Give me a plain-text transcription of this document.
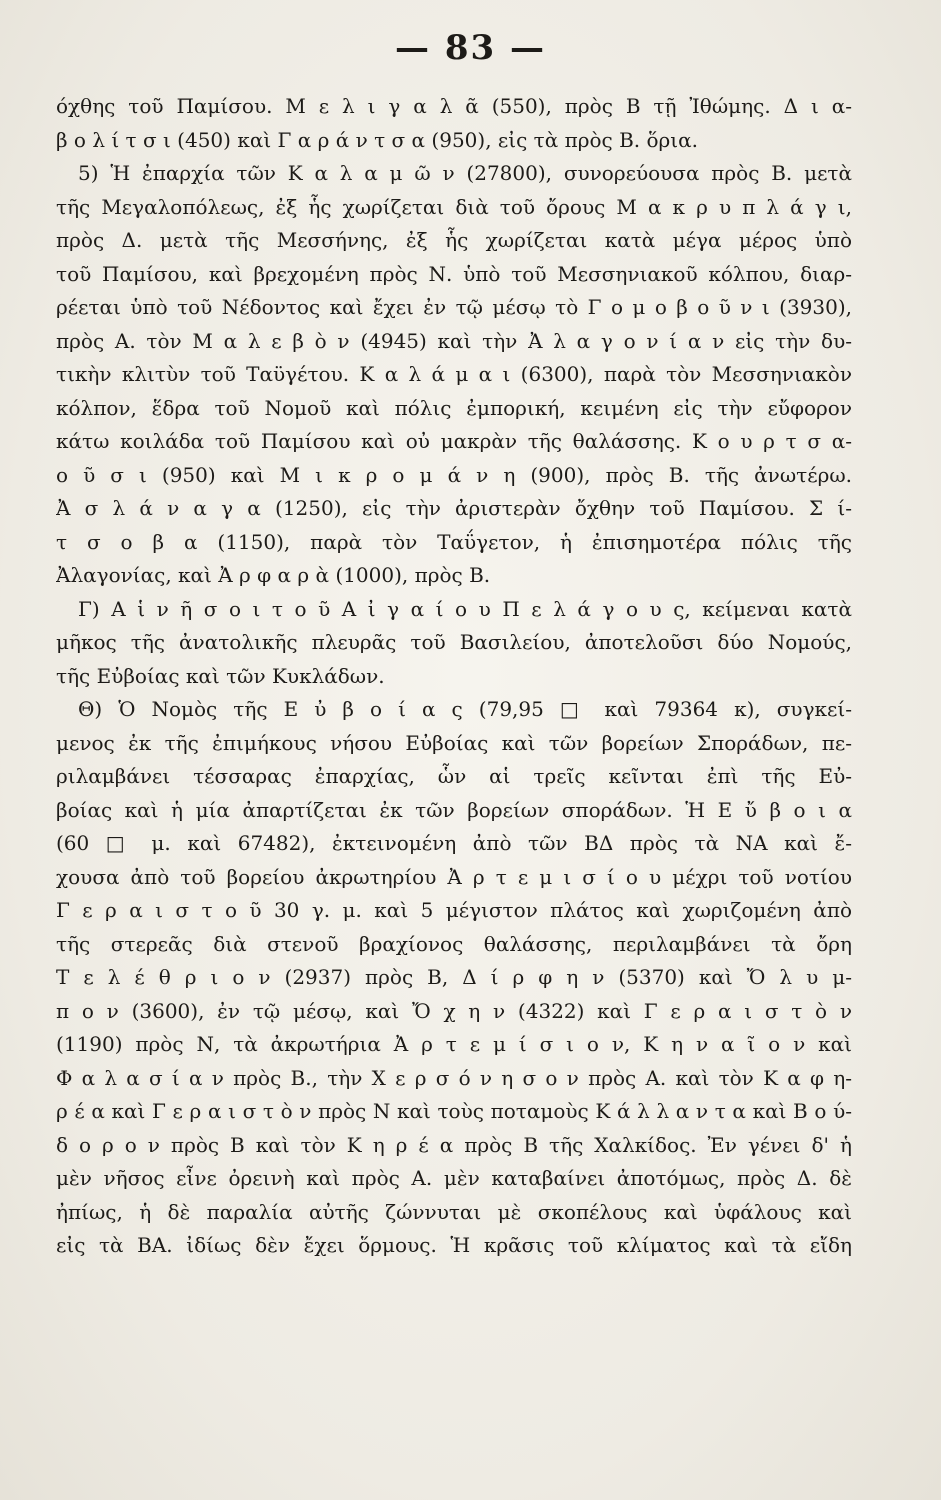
— 83 —
όχθης τοῦ Παμίσου. Μ ε λ ι γ α λ ᾶ (550), πρὸς Β τῇ Ἰθώμης. Δ ι α-
β ο λ ί τ σ ι (450) καὶ Γ α ρ ά ν τ σ α (950), εἰς τὰ πρὸς Β. ὅρια.
5) Ἡ ἐπαρχία τῶν Κ α λ α μ ῶ ν (27800), συνορεύουσα πρὸς Β. μετὰ
τῆς Μεγαλοπόλεως, ἐξ ἧς χωρίζεται διὰ τοῦ ὄρους Μ α κ ρ υ π λ ά γ ι,
πρὸς Δ. μετὰ τῆς Μεσσήνης, ἐξ ἧς χωρίζεται κατὰ μέγα μέρος ὑπὸ
τοῦ Παμίσου, καὶ βρεχομένη πρὸς Ν. ὑπὸ τοῦ Μεσσηνιακοῦ κόλπου, διαρ-
ρέεται ὑπὸ τοῦ Νέδοντος καὶ ἔχει ἐν τῷ μέσῳ τὸ Γ ο μ ο β ο ῦ ν ι (3930),
πρὸς Α. τὸν Μ α λ ε β ὸ ν (4945) καὶ τὴν Ἀ λ α γ ο ν ί α ν εἰς τὴν δυ-
τικὴν κλιτὺν τοῦ Ταϋγέτου. Κ α λ ά μ α ι (6300), παρὰ τὸν Μεσσηνιακὸν
κόλπον, ἕδρα τοῦ Νομοῦ καὶ πόλις ἐμπορική, κειμένη εἰς τὴν εὔφορον
κάτω κοιλάδα τοῦ Παμίσου καὶ οὐ μακρὰν τῆς θαλάσσης. Κ ο υ ρ τ σ α-
ο ῦ σ ι (950) καὶ Μ ι κ ρ ο μ ά ν η (900), πρὸς Β. τῆς ἀνωτέρω.
Ἀ σ λ ά ν α γ α (1250), εἰς τὴν ἀριστερὰν ὄχθην τοῦ Παμίσου. Σ ί-
τ σ ο β α (1150), παρὰ τὸν Ταΰγετον, ἡ ἐπισημοτέρα πόλις τῆς
Ἀλαγονίας, καὶ Ἀ ρ φ α ρ ὰ (1000), πρὸς Β.
Γ) Α ἱ ν ῆ σ ο ι τ ο ῦ Α ἰ γ α ί ο υ Π ε λ ά γ ο υ ς, κείμεναι κατὰ
μῆκος τῆς ἀνατολικῆς πλευρᾶς τοῦ Βασιλείου, ἀποτελοῦσι δύο Νομούς,
τῆς Εὐβοίας καὶ τῶν Κυκλάδων.
Θ) Ὁ Νομὸς τῆς Ε ὐ β ο ί α ς (79,95 □ καὶ 79364 κ), συγκεί-
μενος ἐκ τῆς ἐπιμήκους νήσου Εὐβοίας καὶ τῶν βορείων Σποράδων, πε-
ριλαμβάνει τέσσαρας ἐπαρχίας, ὧν αἱ τρεῖς κεῖνται ἐπὶ τῆς Εὐ-
βοίας καὶ ἡ μία ἀπαρτίζεται ἐκ τῶν βορείων σποράδων. Ἡ Ε ὔ β ο ι α
(60 □ μ. καὶ 67482), ἐκτεινομένη ἀπὸ τῶν ΒΔ πρὸς τὰ ΝΑ καὶ ἔ-
χουσα ἀπὸ τοῦ βορείου ἀκρωτηρίου Ἀ ρ τ ε μ ι σ ί ο υ μέχρι τοῦ νοτίου
Γ ε ρ α ι σ τ ο ῦ 30 γ. μ. καὶ 5 μέγιστον πλάτος καὶ χωριζομένη ἀπὸ
τῆς στερεᾶς διὰ στενοῦ βραχίονος θαλάσσης, περιλαμβάνει τὰ ὄρη
Τ ε λ έ θ ρ ι ο ν (2937) πρὸς Β, Δ ί ρ φ η ν (5370) καὶ Ὄ λ υ μ-
π ο ν (3600), ἐν τῷ μέσῳ, καὶ Ὄ χ η ν (4322) καὶ Γ ε ρ α ι σ τ ὸ ν
(1190) πρὸς Ν, τὰ ἀκρωτήρια Ἀ ρ τ ε μ ί σ ι ο ν, Κ η ν α ῖ ο ν καὶ
Φ α λ α σ ί α ν πρὸς Β., τὴν Χ ε ρ σ ό ν η σ ο ν πρὸς Α. καὶ τὸν Κ α φ η-
ρ έ α καὶ Γ ε ρ α ι σ τ ὸ ν πρὸς Ν καὶ τοὺς ποταμοὺς Κ ά λ λ α ν τ α καὶ Β ο ύ-
δ ο ρ ο ν πρὸς Β καὶ τὸν Κ η ρ έ α πρὸς Β τῆς Χαλκίδος. Ἐν γένει δ' ἡ
μὲν νῆσος εἶνε ὀρεινὴ καὶ πρὸς Α. μὲν καταβαίνει ἀποτόμως, πρὸς Δ. δὲ
ἠπίως, ἡ δὲ παραλία αὐτῆς ζώννυται μὲ σκοπέλους καὶ ὑφάλους καὶ
εἰς τὰ ΒΑ. ἰδίως δὲν ἔχει ὅρμους. Ἡ κρᾶσις τοῦ κλίματος καὶ τὰ εἴδη
